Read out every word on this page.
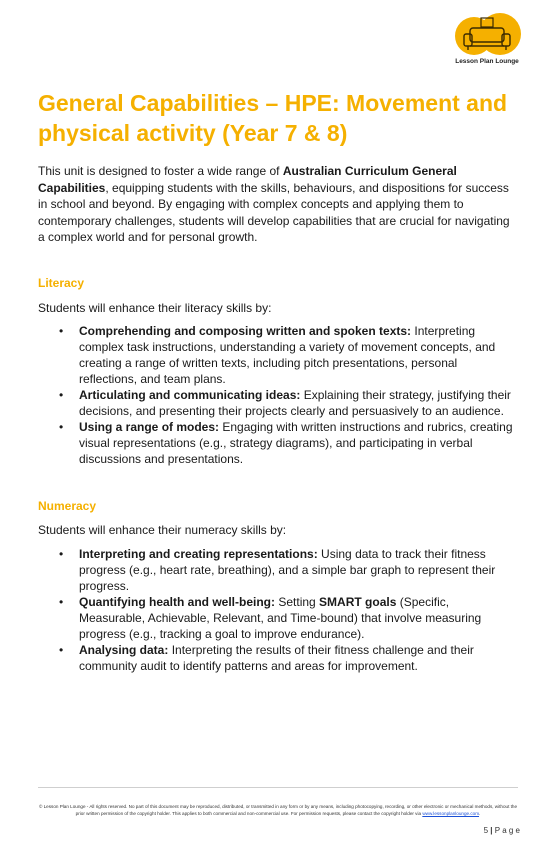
Lesson Plan Lounge
General Capabilities – HPE: Movement and physical activity (Year 7 & 8)

This unit is designed to foster a wide range of Australian Curriculum General Capabilities, equipping students with the skills, behaviours, and dispositions for success in school and beyond. By engaging with complex concepts and applying them to contemporary challenges, students will develop capabilities that are crucial for navigating a complex world and for personal growth.

Literacy

Students will enhance their literacy skills by:

• Comprehending and composing written and spoken texts: Interpreting complex task instructions, understanding a variety of movement concepts, and creating a range of written texts, including pitch presentations, personal reflections, and team plans.
• Articulating and communicating ideas: Explaining their strategy, justifying their decisions, and presenting their projects clearly and persuasively to an audience.
• Using a range of modes: Engaging with written instructions and rubrics, creating visual representations (e.g., strategy diagrams), and participating in verbal discussions and presentations.
Numeracy

Students will enhance their numeracy skills by:

• Interpreting and creating representations: Using data to track their fitness progress (e.g., heart rate, breathing), and a simple bar graph to represent their progress.
• Quantifying health and well-being: Setting SMART goals (Specific, Measurable, Achievable, Relevant, and Time-bound) that involve measuring progress (e.g., tracking a goal to improve endurance).
• Analysing data: Interpreting the results of their fitness challenge and their community audit to identify patterns and areas for improvement.

© Lesson Plan Lounge - All rights reserved. No part of this document may be reproduced, distributed, or transmitted in any form or by any means, including photocopying, recording, or other electronic or mechanical methods, without the prior written permission of the copyright holder. This applies to both commercial and non-commercial use. For permission requests, please contact the copyright holder via www.lessonplanlounge.com.

5 | P a g e
